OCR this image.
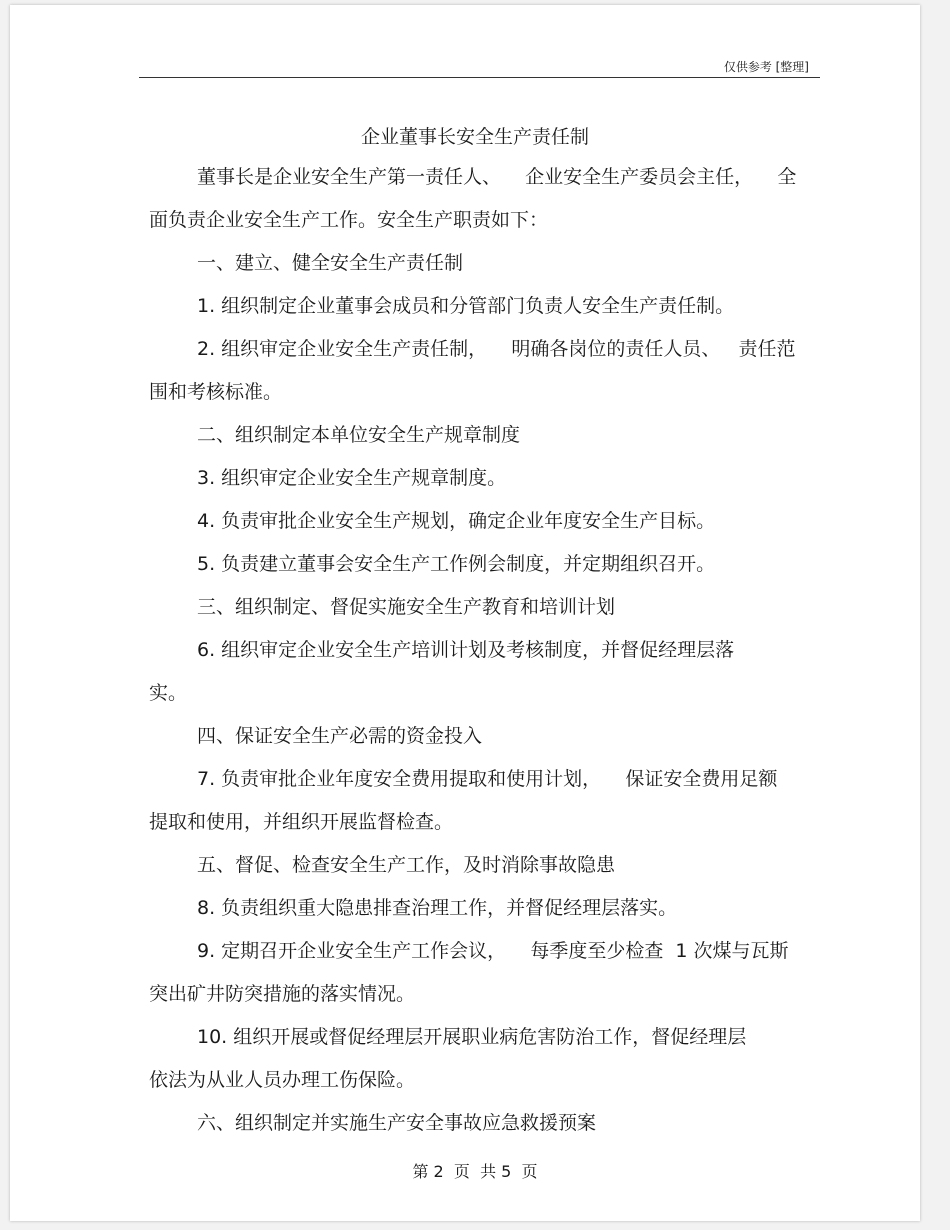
仅供参考 [整理]
企业董事长安全生产责任制
董事长是企业安全生产第一责任人、    企业安全生产委员会主任，    全
面负责企业安全生产工作。安全生产职责如下：
一、建立、健全安全生产责任制
1. 组织制定企业董事会成员和分管部门负责人安全生产责任制。
2. 组织审定企业安全生产责任制，    明确各岗位的责任人员、   责任范
围和考核标准。
二、组织制定本单位安全生产规章制度
3. 组织审定企业安全生产规章制度。
4. 负责审批企业安全生产规划，确定企业年度安全生产目标。
5. 负责建立董事会安全生产工作例会制度，并定期组织召开。
三、组织制定、督促实施安全生产教育和培训计划
6. 组织审定企业安全生产培训计划及考核制度，并督促经理层落
实。
四、保证安全生产必需的资金投入
7. 负责审批企业年度安全费用提取和使用计划，    保证安全费用足额
提取和使用，并组织开展监督检查。
五、督促、检查安全生产工作，及时消除事故隐患
8. 负责组织重大隐患排查治理工作，并督促经理层落实。
9. 定期召开企业安全生产工作会议，    每季度至少检查  1 次煤与瓦斯
突出矿井防突措施的落实情况。
10. 组织开展或督促经理层开展职业病危害防治工作，督促经理层
依法为从业人员办理工伤保险。
六、组织制定并实施生产安全事故应急救援预案
第 2  页  共 5  页
